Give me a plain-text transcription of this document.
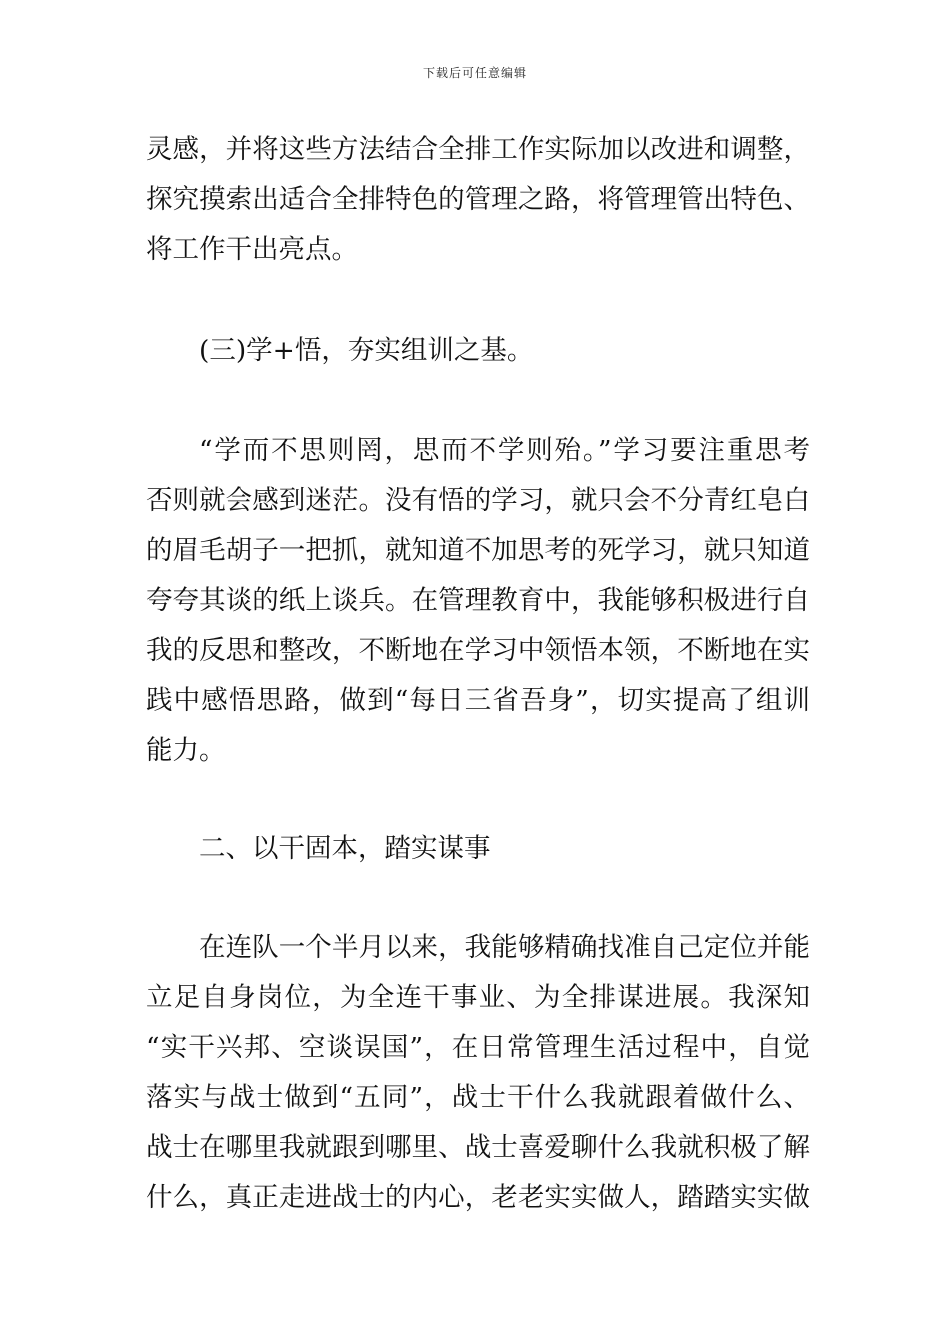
下载后可任意编辑
灵感，并将这些方法结合全排工作实际加以改进和调整，
探究摸索出适合全排特色的管理之路，将管理管出特色、
将工作干出亮点。
(三)学+悟，夯实组训之基。
“学而不思则罔，思而不学则殆。”学习要注重思考
否则就会感到迷茫。没有悟的学习，就只会不分青红皂白
的眉毛胡子一把抓，就知道不加思考的死学习，就只知道
夸夸其谈的纸上谈兵。在管理教育中，我能够积极进行自
我的反思和整改，不断地在学习中领悟本领，不断地在实
践中感悟思路，做到“每日三省吾身”，切实提高了组训
能力。
二、以干固本，踏实谋事
在连队一个半月以来，我能够精确找准自己定位并能
立足自身岗位，为全连干事业、为全排谋进展。我深知
“实干兴邦、空谈误国”，在日常管理生活过程中，自觉
落实与战士做到“五同”，战士干什么我就跟着做什么、
战士在哪里我就跟到哪里、战士喜爱聊什么我就积极了解
什么，真正走进战士的内心，老老实实做人，踏踏实实做
